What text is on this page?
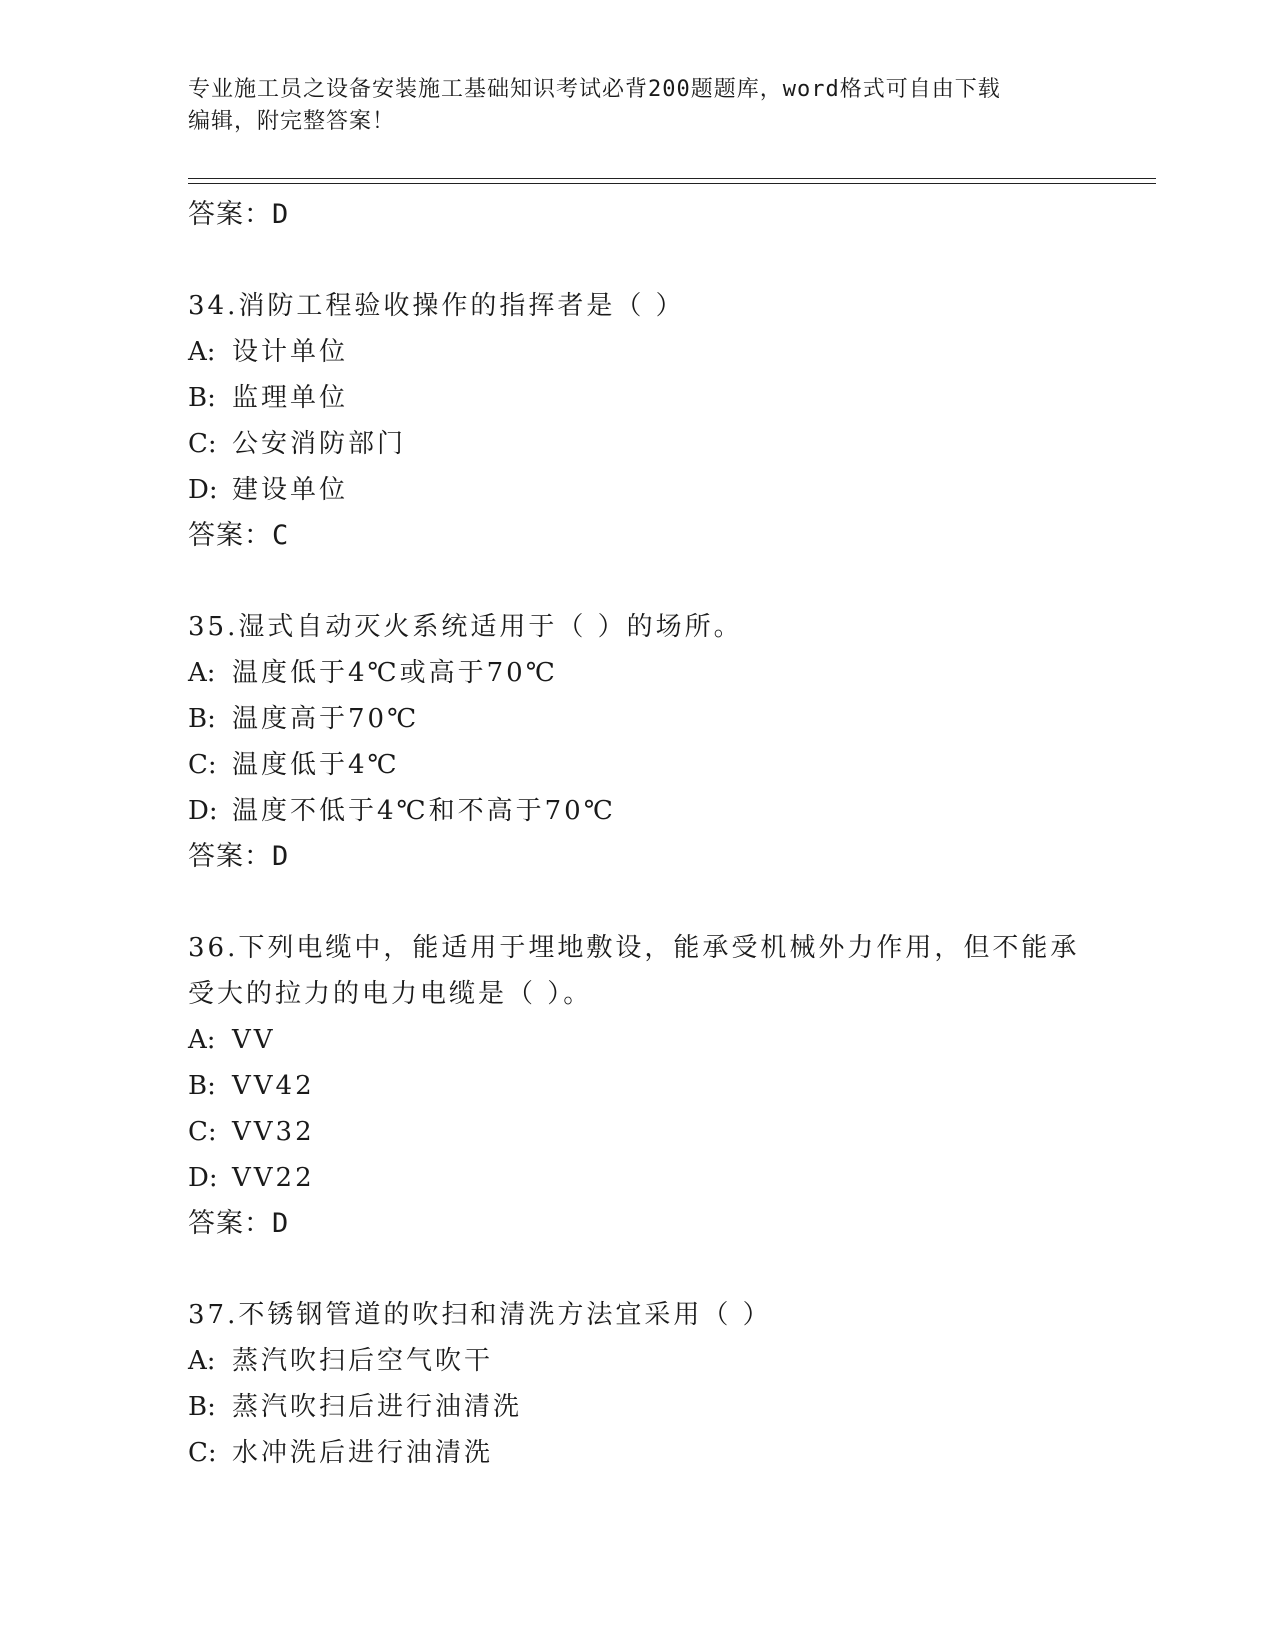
专业施工员之设备安装施工基础知识考试必背200题题库，word格式可自由下载
编辑，附完整答案！
答案：D
34.消防工程验收操作的指挥者是（ ）
A: 设计单位
B: 监理单位
C: 公安消防部门
D: 建设单位
答案：C
35.湿式自动灭火系统适用于（ ）的场所。
A: 温度低于4℃或高于70℃
B: 温度高于70℃
C: 温度低于4℃
D: 温度不低于4℃和不高于70℃
答案：D
36.下列电缆中，能适用于埋地敷设，能承受机械外力作用，但不能承
受大的拉力的电力电缆是（ ）。
A: VV
B: VV42
C: VV32
D: VV22
答案：D
37.不锈钢管道的吹扫和清洗方法宜采用（ ）
A: 蒸汽吹扫后空气吹干
B: 蒸汽吹扫后进行油清洗
C: 水冲洗后进行油清洗
